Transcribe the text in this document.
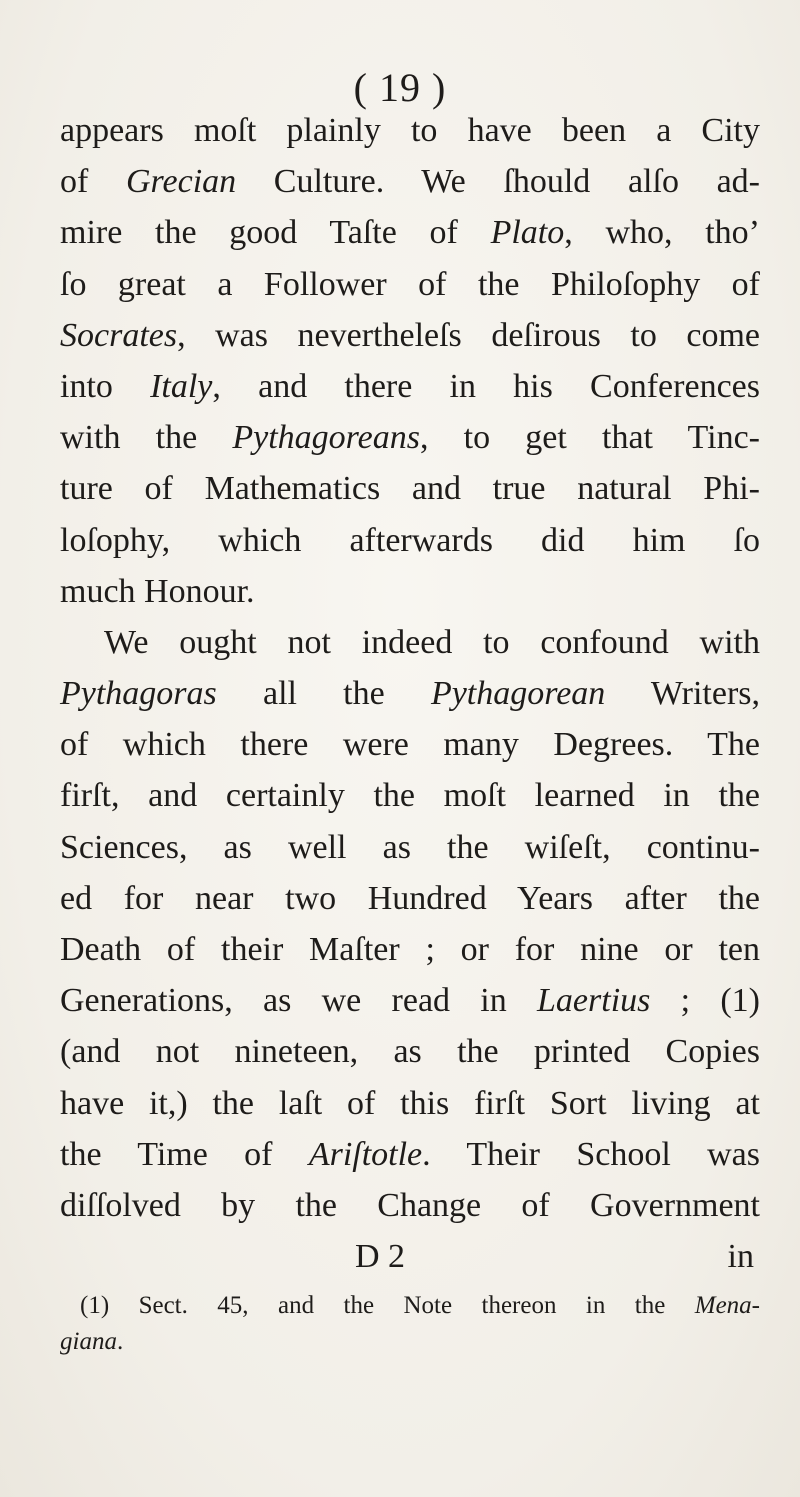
( 19 )
appears moſt plainly to have been a City
of Grecian Culture. We ſhould alſo ad-
mire the good Taſte of Plato, who, tho’
ſo great a Follower of the Philoſophy of
Socrates, was nevertheleſs deſirous to come
into Italy, and there in his Conferences
with the Pythagoreans, to get that Tinc-
ture of Mathematics and true natural Phi-
loſophy, which afterwards did him ſo
much Honour.
We ought not indeed to confound with
Pythagoras all the Pythagorean Writers,
of which there were many Degrees. The
firſt, and certainly the moſt learned in the
Sciences, as well as the wiſeſt, continu-
ed for near two Hundred Years after the
Death of their Maſter ; or for nine or ten
Generations, as we read in Laertius ; (1)
(and not nineteen, as the printed Copies
have it,) the laſt of this firſt Sort living at
the Time of Ariſtotle. Their School was
diſſolved by the Change of Government
D 2	in
(1) Sect. 45, and the Note thereon in the Mena-
giana.
